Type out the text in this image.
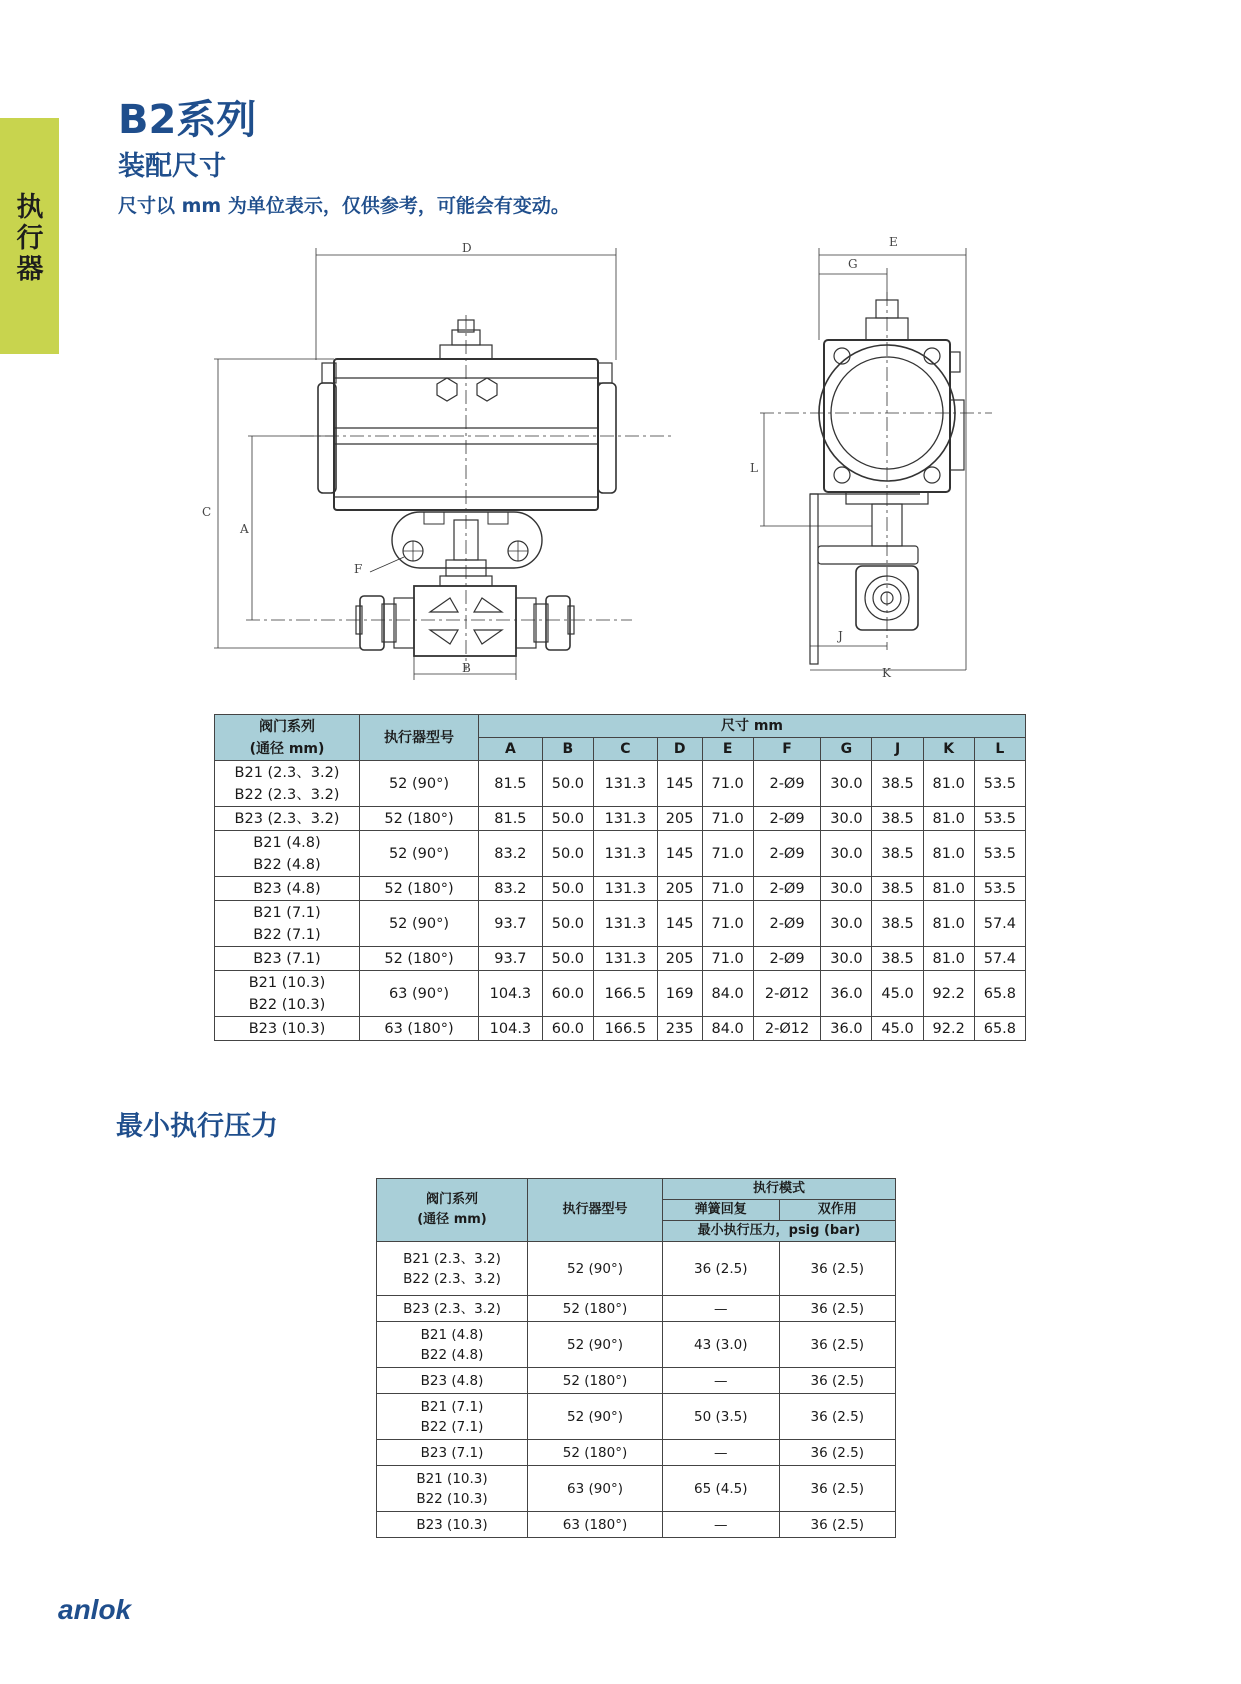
执行器
B2系列
装配尺寸

尺寸以 mm 为单位表示，仅供参考，可能会有变动。

D
C
A
F
B
E
G
L
J
K
阀门系列
(通径 mm)	执行器型号	尺寸 mm									
		A	B	C	D	E	F	G	J	K	L

B21 (2.3、3.2)
B22 (2.3、3.2)	52 (90°)	81.5	50.0	131.3	145	71.0	2-Ø9	30.0	38.5	81.0	53.5

B23 (2.3、3.2)	52 (180°)	81.5	50.0	131.3	205	71.0	2-Ø9	30.0	38.5	81.0	53.5

B21 (4.8)
B22 (4.8)	52 (90°)	83.2	50.0	131.3	145	71.0	2-Ø9	30.0	38.5	81.0	53.5

B23 (4.8)	52 (180°)	83.2	50.0	131.3	205	71.0	2-Ø9	30.0	38.5	81.0	53.5

B21 (7.1)
B22 (7.1)	52 (90°)	93.7	50.0	131.3	145	71.0	2-Ø9	30.0	38.5	81.0	57.4

B23 (7.1)	52 (180°)	93.7	50.0	131.3	205	71.0	2-Ø9	30.0	38.5	81.0	57.4

B21 (10.3)
B22 (10.3)	63 (90°)	104.3	60.0	166.5	169	84.0	2-Ø12	36.0	45.0	92.2	65.8

B23 (10.3)	63 (180°)	104.3	60.0	166.5	235	84.0	2-Ø12	36.0	45.0	92.2	65.8
最小执行压力
阀门系列
(通径 mm)	执行器型号	执行模式	
		弹簧回复	双作用
		最小执行压力，psig (bar)	

B21 (2.3、3.2)
B22 (2.3、3.2)	52 (90°)	36 (2.5)	36 (2.5)

B23 (2.3、3.2)	52 (180°)	—	36 (2.5)

B21 (4.8)
B22 (4.8)	52 (90°)	43 (3.0)	36 (2.5)

B23 (4.8)	52 (180°)	—	36 (2.5)

B21 (7.1)
B22 (7.1)	52 (90°)	50 (3.5)	36 (2.5)

B23 (7.1)	52 (180°)	—	36 (2.5)

B21 (10.3)
B22 (10.3)	63 (90°)	65 (4.5)	36 (2.5)

B23 (10.3)	63 (180°)	—	36 (2.5)
anlok
